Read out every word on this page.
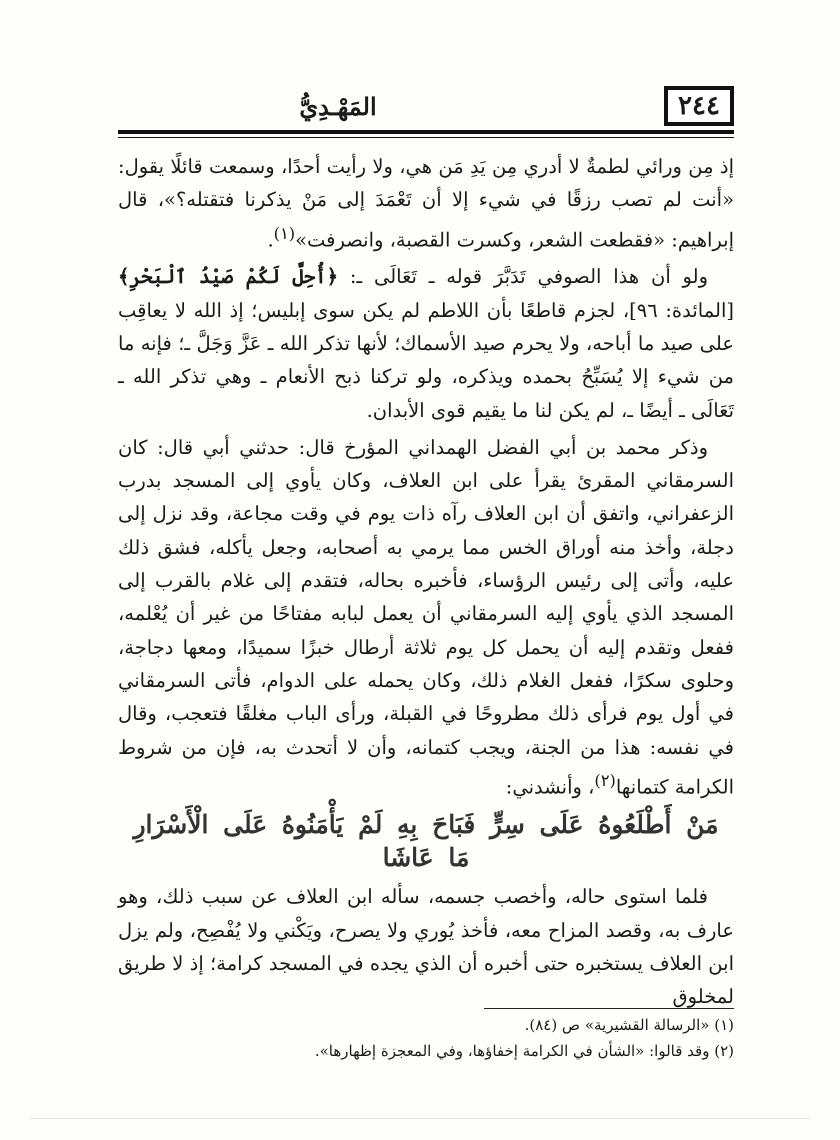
٢٤٤
المَهْـدِيُّ

إذ مِن ورائي لطمةٌ لا أدري مِن يَدِ مَن هي، ولا رأيت أحدًا، وسمعت قائلًا يقول: «أنت لم تصب رزقًا في شيء إلا أن تَعْمَدَ إلى مَنْ يذكرنا فتقتله؟»، قال إبراهيم: «فقطعت الشعر، وكسرت القصبة، وانصرفت»$^{(١)}$.

ولو أن هذا الصوفي تَدَبَّرَ قوله ـ تَعَالَى ـ: ﴿أُحِلَّ لَكُمْ صَيْدُ ٱلْبَحْرِ﴾ [المائدة: ٩٦]، لجزم قاطعًا بأن اللاطم لم يكن سوى إبليس؛ إذ الله لا يعاقِب على صيد ما أباحه، ولا يحرم صيد الأسماك؛ لأنها تذكر الله ـ عَزَّ وَجَلَّ ـ؛ فإنه ما من شيء إلا يُسَبِّحُ بحمده ويذكره، ولو تركنا ذبح الأنعام ـ وهي تذكر الله ـ تَعَالَى ـ أيضًا ـ، لم يكن لنا ما يقيم قوى الأبدان.

وذكر محمد بن أبي الفضل الهمداني المؤرخ قال: حدثني أبي قال: كان السرمقاني المقرئ يقرأ على ابن العلاف، وكان يأوي إلى المسجد بدرب الزعفراني، واتفق أن ابن العلاف رآه ذات يوم في وقت مجاعة، وقد نزل إلى دجلة، وأخذ منه أوراق الخس مما يرمي به أصحابه، وجعل يأكله، فشق ذلك عليه، وأتى إلى رئيس الرؤساء، فأخبره بحاله، فتقدم إلى غلام بالقرب إلى المسجد الذي يأوي إليه السرمقاني أن يعمل لبابه مفتاحًا من غير أن يُعْلمه، ففعل وتقدم إليه أن يحمل كل يوم ثلاثة أرطال خبزًا سميدًا، ومعها دجاجة، وحلوى سكرًا، ففعل الغلام ذلك، وكان يحمله على الدوام، فأتى السرمقاني في أول يوم فرأى ذلك مطروحًا في القبلة، ورأى الباب مغلقًا فتعجب، وقال في نفسه: هذا من الجنة، ويجب كتمانه، وأن لا أتحدث به، فإن من شروط الكرامة كتمانها$^{(٢)}$، وأنشدني:

مَنْ أَطْلَعُوهُ عَلَى سِرٍّ فَبَاحَ بِهِ لَمْ يَأْمَنُوهُ عَلَى الْأَسْرَارِ مَا عَاشَا

فلما استوى حاله، وأخصب جسمه، سأله ابن العلاف عن سبب ذلك، وهو عارف به، وقصد المزاح معه، فأخذ يُوري ولا يصرح، ويَكْني ولا يُفْصِح، ولم يزل ابن العلاف يستخبره حتى أخبره أن الذي يجده في المسجد كرامة؛ إذ لا طريق لمخلوق

(١) «الرسالة القشيرية» ص (٨٤).
(٢) وقد قالوا: «الشأن في الكرامة إخفاؤها، وفي المعجزة إظهارها».
